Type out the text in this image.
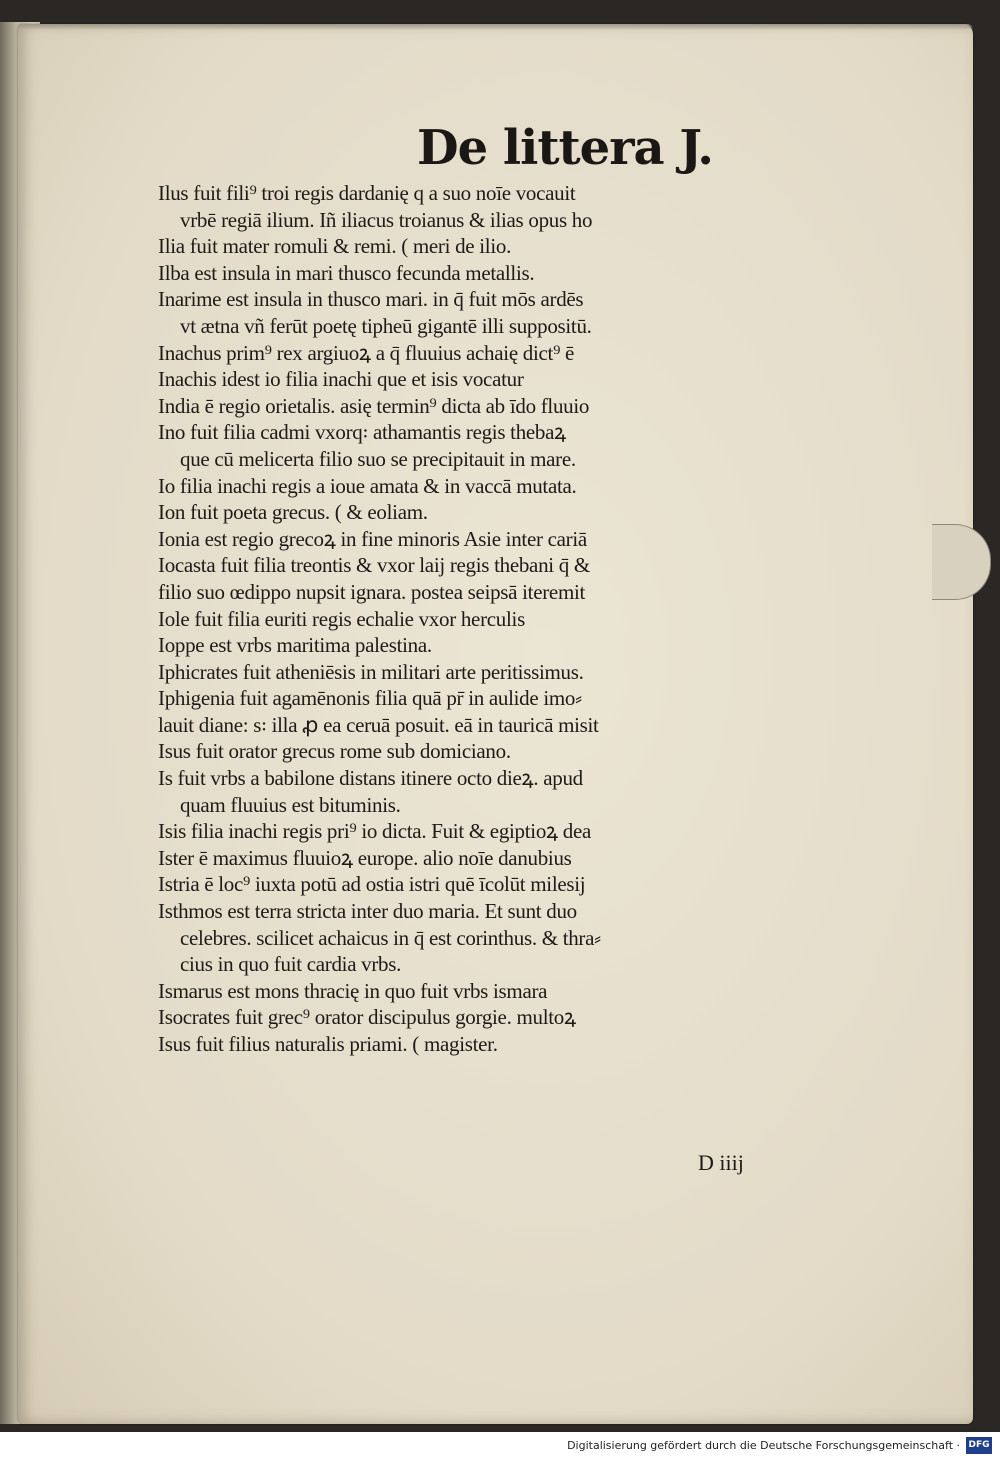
De littera J.
Ilus fuit fili⁹ troi regis dardanię q a suo noīe vocauit
vrbē regiā ilium. Iñ iliacus troianus & ilias opus ho
Ilia fuit mater romuli & remi. ( meri de ilio.
Ilba est insula in mari thusco fecunda metallis.
Inarime est insula in thusco mari. in q̄ fuit mōs ardēs
vt ætna vñ ferūt poetę tipheū gigantē illi suppositū.
Inachus prim⁹ rex argiuoꝝ a q̄ fluuius achaię dict⁹ ē
Inachis idest io filia inachi que et isis vocatur
India ē regio orietalis. asię termin⁹ dicta ab īdo fluuio
Ino fuit filia cadmi vxorq꞉ athamantis regis thebaꝝ
que cū melicerta filio suo se precipitauit in mare.
Io filia inachi regis a ioue amata & in vaccā mutata.
Ion fuit poeta grecus. ( & eoliam.
Ionia est regio grecoꝝ in fine minoris Asie inter cariā
Iocasta fuit filia treontis & vxor laij regis thebani q̄ &
filio suo œdippo nupsit ignara. postea seipsā iteremit
Iole fuit filia euriti regis echalie vxor herculis
Ioppe est vrbs maritima palestina.
Iphicrates fuit atheniēsis in militari arte peritissimus.
Iphigenia fuit agamēnonis filia quā pr̄ in aulide imo⸗
lauit diane: s꞉ illa ꝓ ea ceruā posuit. eā in tauricā misit
Isus fuit orator grecus rome sub domiciano.
Is fuit vrbs a babilone distans itinere octo dieꝝ. apud
quam fluuius est bituminis.
Isis filia inachi regis pri⁹ io dicta. Fuit & egiptioꝝ dea
Ister ē maximus fluuioꝝ europe. alio noīe danubius
Istria ē loc⁹ iuxta potū ad ostia istri quē īcolūt milesij
Isthmos est terra stricta inter duo maria. Et sunt duo
celebres. scilicet achaicus in q̄ est corinthus. & thra⸗
cius in quo fuit cardia vrbs.
Ismarus est mons thracię in quo fuit vrbs ismara
Isocrates fuit grec⁹ orator discipulus gorgie. multoꝝ
Isus fuit filius naturalis priami. ( magister.
D iiij
Digitalisierung gefördert durch die Deutsche Forschungsgemeinschaft · DFG
